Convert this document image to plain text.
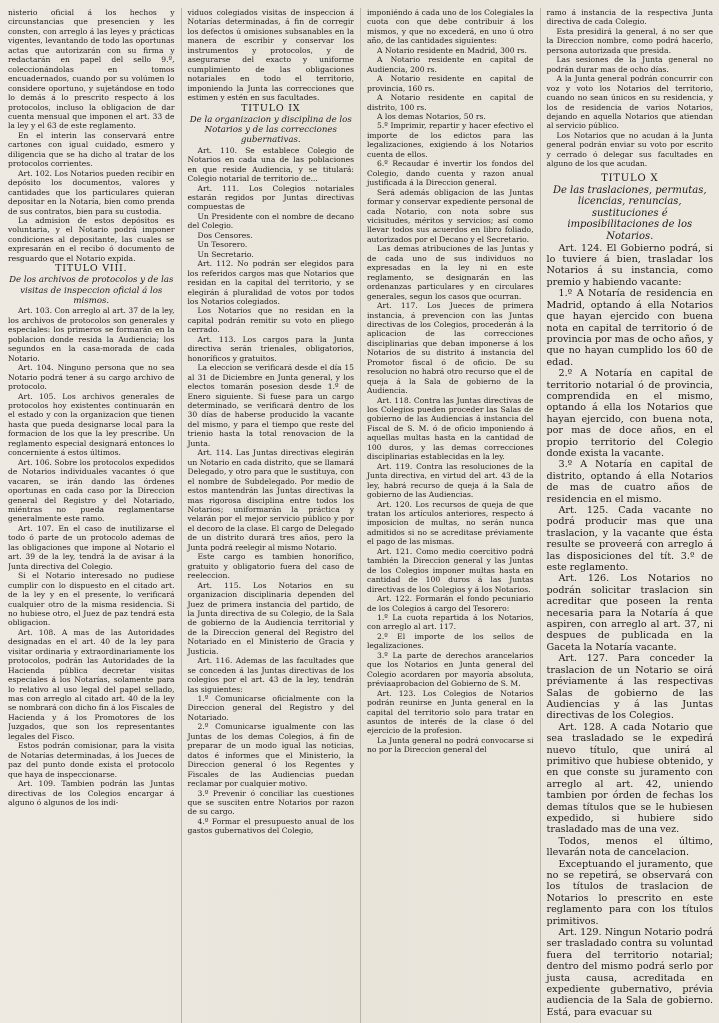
nisterio oficial á los hechos y circunstancias que presencien y les consten, con arreglo á las leyes y prácticas vigentes, levantando de todo las oportunas actas que autorizarán con su firma y redactarán en papel del sello 9.º, coleccionándolas en tomos encuadernados, cuando por su volúmen lo considere oportuno, y sujetándose en todo lo demás á lo prescrito respecto á los protocolos, incluso la obligacion de dar cuenta mensual que imponen el art. 33 de la ley y el 63 de este reglamento.

En el interin las conservará entre cartones con igual cuidado, esmero y diligencia que se ha dicho al tratar de los protocolos corrientes.

Art. 102. Los Notarios pueden recibir en depósito los documentos, valores y cantidades que los particulares quieran depositar en la Notaría, bien como prenda de sus contratos, bien para su custodia.

La admision de estos depósitos es voluntaria, y el Notario podrá imponer condiciones al depositante, las cuales se expresarán en el recibo ó documento de resguardo que el Notario expida.

TITULO VIII.

De los archivos de protocolos y de las visitas de inspeccion oficial á los mismos.

Art. 103. Con arreglo al art. 37 de la ley, los archivos de protocolos son generales y especiales: los primeros se formarán en la poblacion donde resida la Audiencia; los segundos en la casa-morada de cada Notario.

Art. 104. Ninguno persona que no sea Notario podrá tener á su cargo archivo de protocolo.

Art. 105. Los archivos generales de protocolos hoy existentes continuarán en el estado y con la organizacion que tienen hasta que pueda designarse local para la formacion de los que la ley prescribe. Un reglamento especial designará entonces lo concerniente á estos últimos.

Art. 106. Sobre los protocolos expedidos de Notarios individuales vacantes ó que vacaren, se irán dando las órdenes oportunas en cada caso por la Direccion general del Registro y del Notariado, miéntras no pueda reglamentarse generalmente este ramo.

Art. 107. En el caso de inutilizarse el todo ó parte de un protocolo ademas de las obligaciones que impone al Notario el art. 39 de la ley, tendrá la de avisar á la Junta directiva del Colegio.

Si el Notario interesado no pudiese cumplir con lo dispuesto en el citado art. de la ley y en el presente, lo verificará cualquier otro de la misma residencia. Si no hubiese otro, el Juez de paz tendrá esta obligacion.

Art. 108. A mas de las Autoridades designadas en el art. 40 de la ley para visitar ordinaria y extraordinariamente los protocolos, podrán las Autoridades de la Hacienda pública decretar visitas especiales á los Notarías, solamente para lo relativo al uso legal del papel sellado, mas con arreglo al citado art. 40 de la ley se nombrará con dicho fin á los Fiscales de Hacienda y á los Promotores de los Juzgados, que son los representantes legales del Fisco.

Estos podrán comisionar, para la visita de Notarías determinadas, á los Jueces de paz del punto donde exista el protocolo que haya de inspeccionarse.

Art. 109. Tambien podrán las Juntas directivas de los Colegios encargar á alguno ó algunos de los indi-

viduos colegiados visitas de inspeccion á Notarías determinadas, á fin de corregir los defectos ú omisiones subsanables en la manera de escribir y conservar los instrumentos y protocolos, y de asegurarse del exacto y uniforme cumplimiento de las obligaciones notariales en todo el territorio, imponiendo la Junta las correcciones que estimen y estén en sus facultades.

TITULO IX

De la organizacion y disciplina de los Notarios y de las correcciones gubernativas.

Art. 110. Se establece Colegio de Notarios en cada una de las poblaciones en que reside Audiencia, y se titulará: Colegio notarial de territorio de...

Art. 111. Los Colegios notariales estarán regidos por Juntas directivas compuestas de

Un Presidente con el nombre de decano del Colegio.

Dos Censores.

Un Tesorero.

Un Secretario.

Art. 112. No podrán ser elegidos para los referidos cargos mas que Notarios que residan en la capital del territorio, y se elegirán á pluralidad de votos por todos los Notarios colegiados.

Los Notarios que no residan en la capital podrán remitir su voto en pliego cerrado.

Art. 113. Los cargos para la Junta directiva serán trienales, obligatorios, honoríficos y gratuitos.

La eleccion se verificará desde el día 15 al 31 de Diciembre en Junta general, y los electos tomarán posesion desde 1.º de Enero siguiente. Si fuese para un cargo determinado, se verificará dentro de los 30 días de haberse producido la vacante del mismo, y para el tiempo que reste del trienio hasta la total renovacion de la Junta.

Art. 114. Las Juntas directivas elegirán un Notario en cada distrito, que se llamará Delegado, y otro para que le sustituya, con el nombre de Subdelegado. Por medio de estos mantendrán las Juntas directivas la mas rigorosa disciplina entre todos los Notarios; uniformarán la práctica y velarán por el mejor servicio público y por el decoro de la clase. El cargo de Delegado de un distrito durará tres años, pero la Junta podrá reelegir al mismo Notario.

Este cargo es tambien honorífico, gratuito y obligatorio fuera del caso de reeleccion.

Art. 115. Los Notarios en su organizacion disciplinaria dependen del Juez de primera instancia del partido, de la Junta directiva de su Colegio, de la Sala de gobierno de la Audiencia territorial y de la Direccion general del Registro del Notariado en el Ministerio de Gracia y Justicia.

Art. 116. Ademas de las facultades que se conceden á las Juntas directivas de los colegios por el art. 43 de la ley, tendrán las siguientes:

1.º Comunicarse oficialmente con la Direccion general del Registro y del Notariado.

2.º Comunicarse igualmente con las Juntas de los demas Colegios, á fin de preparar de un modo igual las noticias, datos é informes que el Ministerio, la Direccion general ó los Regentes y Fiscales de las Audiencias puedan reclamar por cualquier motivo.

3.º Prevenir ó conciliar las cuestiones que se susciten entre Notarios por razon de su cargo.

4.º Formar el presupuesto anual de los gastos gubernativos del Colegio,

imponiéndo á cada uno de los Colegiales la cuota con que debe contribuir á los mismos, y que no excederá, en uno ú otro año, de las cantidades siguientes:

A Notario residente en Madrid, 300 rs.

A Notario residente en capital de Audiencia, 200 rs.

A Notario residente en capital de provincia, 160 rs.

A Notario residente en capital de distrito, 100 rs.

A los demas Notarios, 50 rs.

5.º Imprimir, repartir y hacer efectivo el importe de los edictos para las legalizaciones, exigiendo á los Notarios cuenta de ellos.

6.º Recaudar é invertir los fondos del Colegio, dando cuenta y razon anual justificada á la Direccion general.

Será además obligacion de las Juntas formar y conservar expediente personal de cada Notario, con nota sobre sus vicisitudes, méritos y servicios; así como llevar todos sus acuerdos en libro foliado, autorizados por el Decano y el Secretario.

Las demas atribuciones de las Juntas y de cada uno de sus individuos no expresadas en la ley ni en este reglamento, se designarán en las ordenanzas particulares y en circulares generales, segun los casos que ocurran.

Art. 117. Los Jueces de primera instancia, á prevencion con las Juntas directivas de los Colegios, procederán á la aplicacion de las correcciones disciplinarias que deban imponerse á los Notarios de su distrito á instancia del Promotor fiscal ó de oficio. De su resolucion no habrá otro recurso que el de queja á la Sala de gobierno de la Audiencia.

Art. 118. Contra las Juntas directivas de los Colegios pueden proceder las Salas de gobierno de las Audiencias á instancia del Fiscal de S. M. ó de oficio imponiendo á aquellas multas hasta en la cantidad de 100 duros, y las demas correcciones disciplinarias establecidas en la ley.

Art. 119. Contra las resoluciones de la Junta directiva, en virtud del art. 43 de la ley, habrá recurso de queja á la Sala de gobierno de las Audiencias.

Art. 120. Los recursos de queja de que tratan los artículos anteriores, respecto á imposicion de multas, no serán nunca admitidos si no se acreditase préviamente el pago de las mismas.

Art. 121. Como medio coercitivo podrá también la Direccion general y las Juntas de los Colegios imponer multas hasta en cantidad de 100 duros á las Juntas directivas de los Colegios y á los Notarios.

Art. 122. Formarán el fondo pecuniario de los Colegios á cargo del Tesorero:

1.º La cuota repartida á los Notarios, con arreglo al art. 117.

2.º El importe de los sellos de legalizaciones.

3.º La parte de derechos arancelarios que los Notarios en Junta general del Colegio acordaren por mayoría absoluta, préviaaprobacion del Gobierno de S. M.

Art. 123. Los Colegios de Notarios podrán reunirse en Junta general en la capital del territorio solo para tratar en asuntos de interés de la clase ó del ejercicio de la profesion.

La Junta general no podrá convocarse si no por la Direccion general del

ramo á instancia de la respectiva Junta directiva de cada Colegio.

Esta presidirá la general, á no ser que la Direccion nombre, como podrá hacerlo, persona autorizada que presida.

Las sesiones de la Junta general no podrán durar mas de ocho días.

A la Junta general podrán concurrir con voz y voto los Notarios del territorio, cuando no sean únicos en su residencia, y los de residencia de varios Notarios, dejando en aquella Notarios que atiendan al servicio público.

Los Notarios que no acudan á la Junta general podrán enviar su voto por escrito y cerrado ó delegar sus facultades en alguno de los que acudan.

TITULO X

De las traslaciones, permutas, licencias, renuncias, sustituciones é imposibilitaciones de los Notarios.

Art. 124. El Gobierno podrá, si lo tuviere á bien, trasladar los Notarios á su instancia, como premio y habiendo vacante:

1.º A Notaría de residencia en Madrid, optando á ella Notarios que hayan ejercido con buena nota en capital de territorio ó de provincia por mas de ocho años, y que no hayan cumplido los 60 de edad.

2.º A Notaría en capital de territorio notarial ó de provincia, comprendida en el mismo, optando á ella los Notarios que hayan ejercido, con buena nota, por mas de doce años, en el propio territorio del Colegio donde exista la vacante.

3.º A Notaría en capital de distrito, optando á ella Notarios de mas de cuatro años de residencia en el mismo.

Art. 125. Cada vacante no podrá producir mas que una traslacion, y la vacante que ésta resulte se proveerá con arreglo á las disposiciones del tít. 3.º de este reglamento.

Art. 126. Los Notarios no podrán solicitar traslacion sin acreditar que poseen la renta necesaria para la Notaría á que aspiren, con arreglo al art. 37, ni despues de publicada en la Gaceta la Notaría vacante.

Art. 127. Para conceder la traslacion de un Notario se oirá préviamente á las respectivas Salas de gobierno de las Audiencias y á las Juntas directivas de los Colegios.

Art. 128. A cada Notario que sea trasladado se le expedirá nuevo título, que unirá al primitivo que hubiese obtenido, y en que conste su juramento con arreglo al art. 42, uniendo tambien por órden de fechas los demas títulos que se le hubiesen expedido, si hubiere sido trasladado mas de una vez.

Todos, menos el último, llevarán nota de cancelacion.

Exceptuando el juramento, que no se repetirá, se observará con los títulos de traslacion de Notarios lo prescrito en este reglamento para con los títulos primitivos.

Art. 129. Ningun Notario podrá ser trasladado contra su voluntad fuera del territorio notarial; dentro del mismo podrá serlo por justa causa, acreditada en expediente gubernativo, prévia audiencia de la Sala de gobierno. Está, para evacuar su
